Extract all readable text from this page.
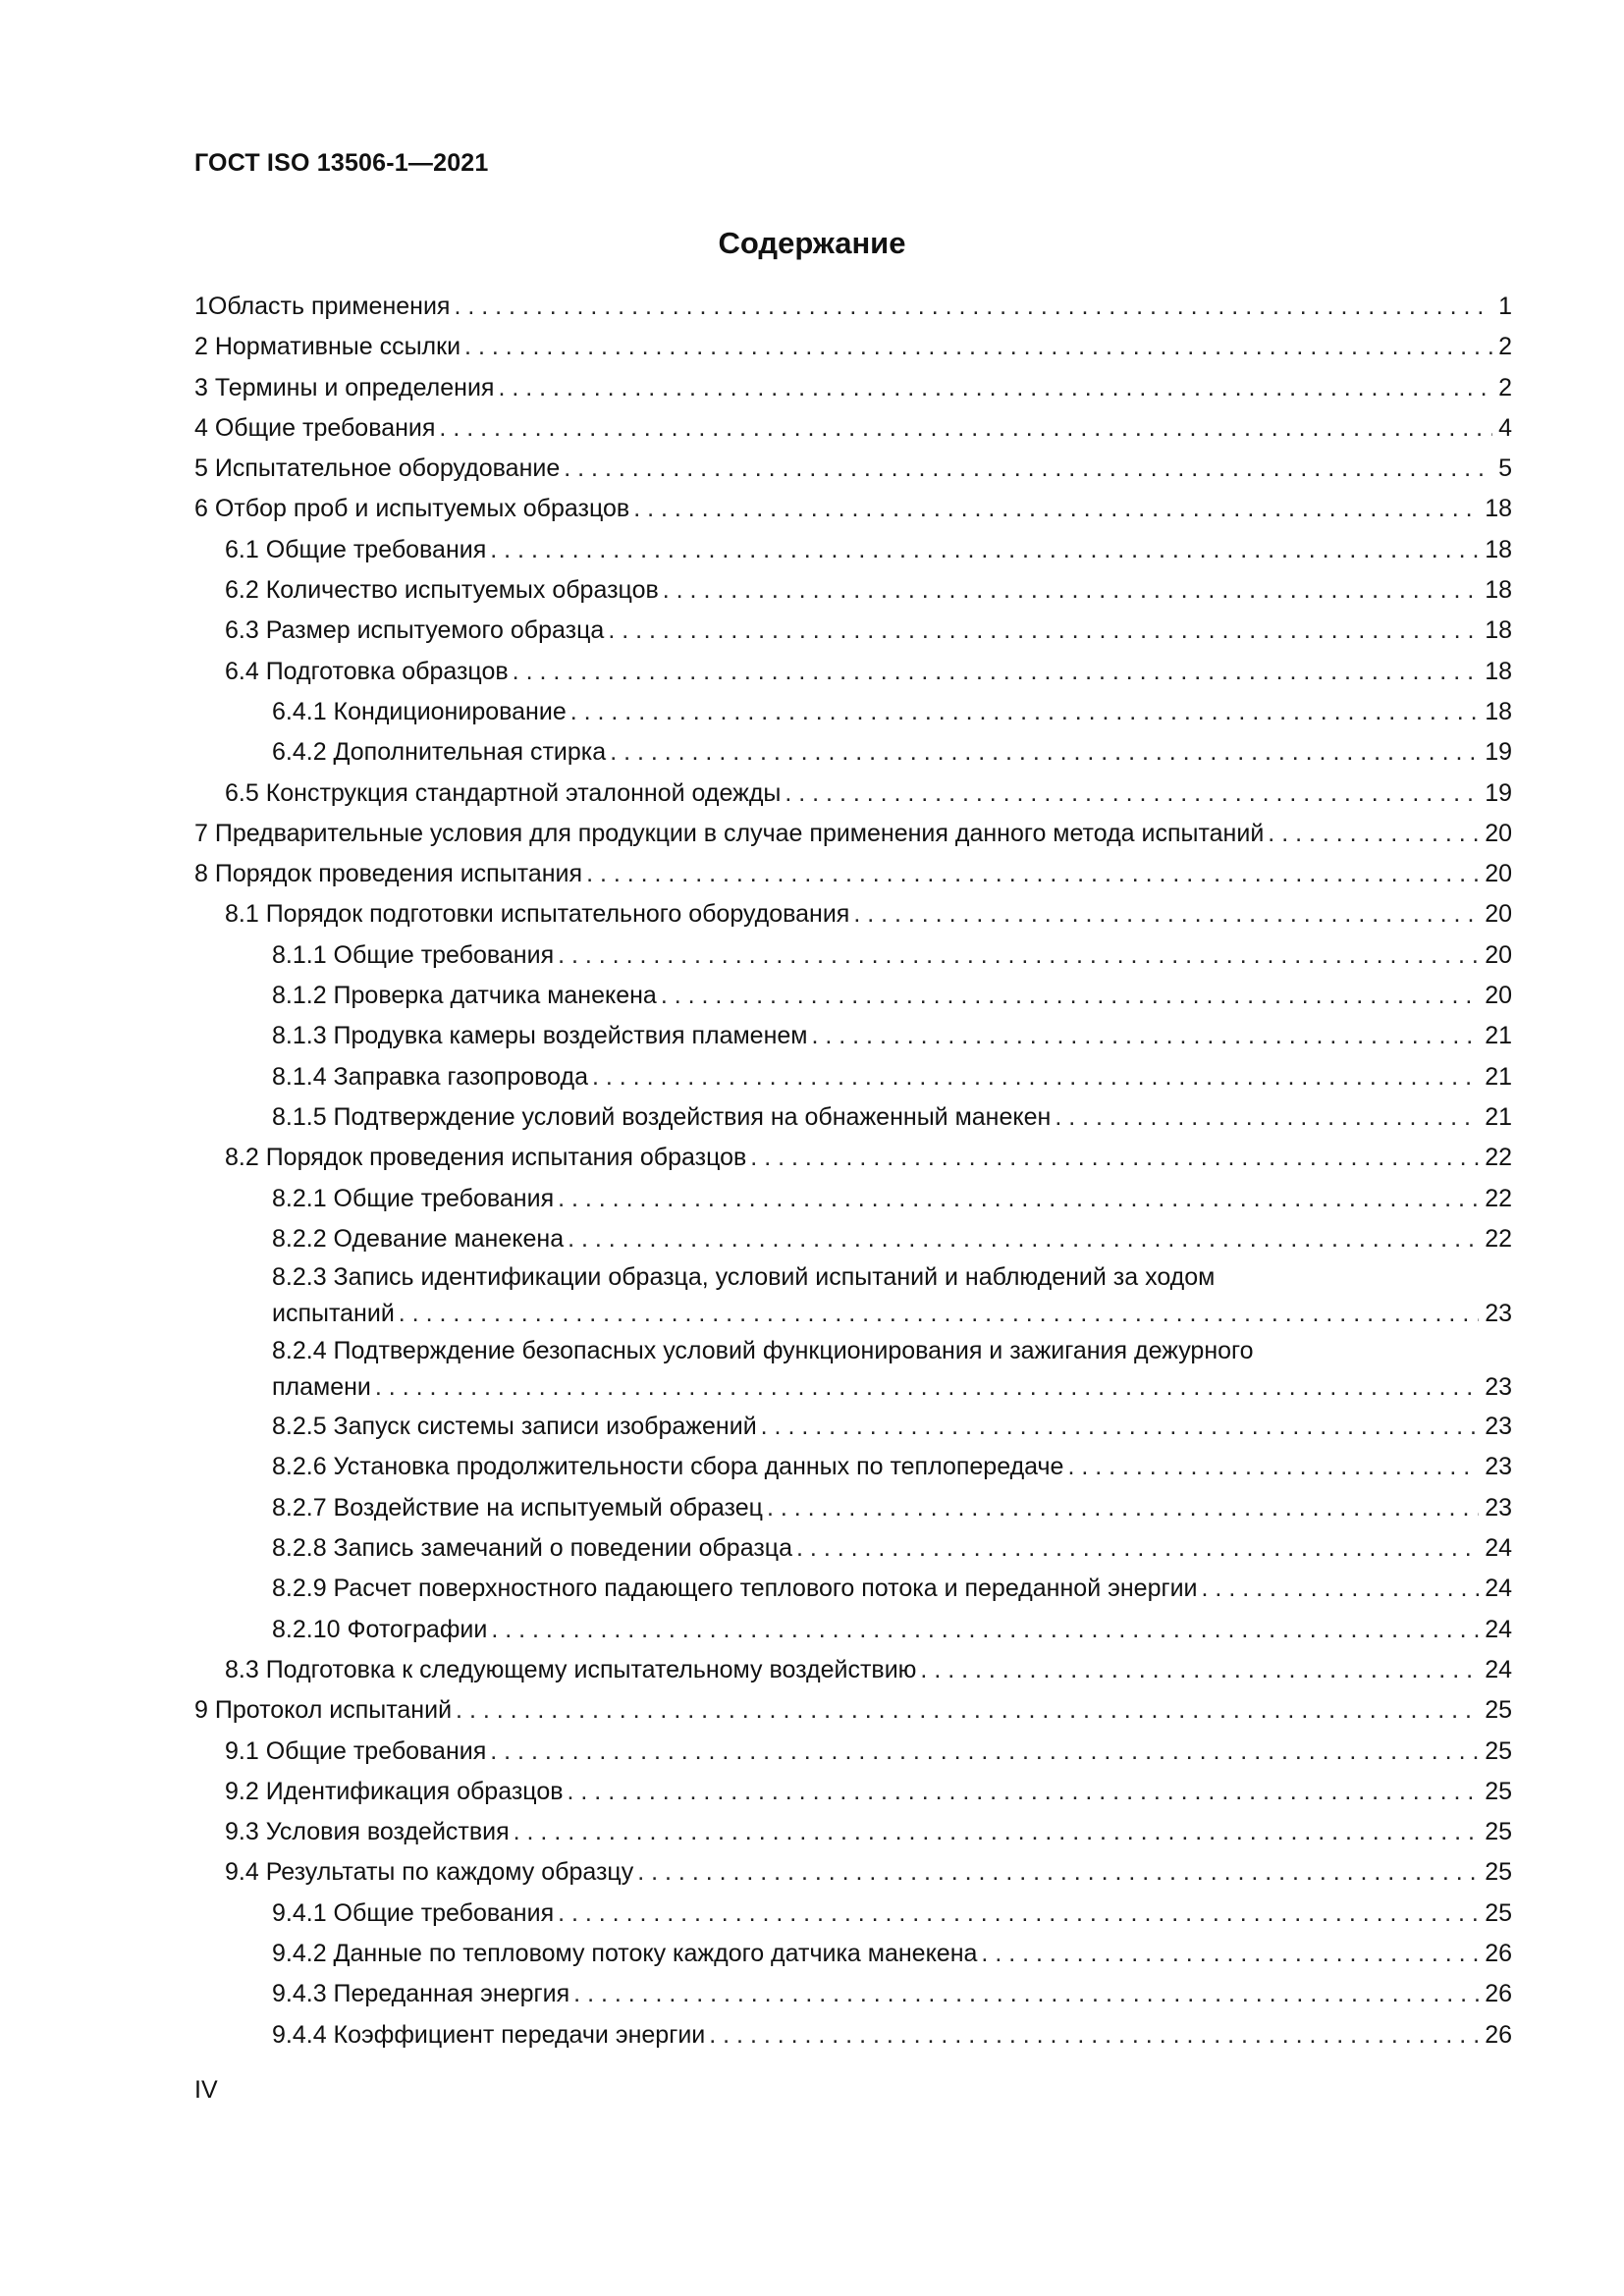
ГОСТ ISO 13506-1—2021
Содержание
1Область применения . . .	1
2 Нормативные ссылки . . .	2
3 Термины и определения . . .	2
4 Общие требования . . .	4
5 Испытательное оборудование . . .	5
6 Отбор проб и испытуемых образцов . . .	18
6.1 Общие требования . . .	18
6.2 Количество испытуемых образцов . . .	18
6.3 Размер испытуемого образца . . .	18
6.4 Подготовка образцов . . .	18
6.4.1 Кондиционирование . . .	18
6.4.2 Дополнительная стирка . . .	19
6.5 Конструкция стандартной эталонной одежды . . .	19
7 Предварительные условия для продукции в случае применения данного метода испытаний . . .	20
8 Порядок проведения испытания . . .	20
8.1 Порядок подготовки испытательного оборудования . . .	20
8.1.1 Общие требования . . .	20
8.1.2 Проверка датчика манекена . . .	20
8.1.3 Продувка камеры воздействия пламенем . . .	21
8.1.4 Заправка газопровода . . .	21
8.1.5 Подтверждение условий воздействия на обнаженный манекен . . .	21
8.2 Порядок проведения испытания образцов . . .	22
8.2.1 Общие требования . . .	22
8.2.2 Одевание манекена . . .	22
8.2.3 Запись идентификации образца, условий испытаний и наблюдений за ходом
испытаний . . .	23
8.2.4 Подтверждение безопасных условий функционирования и зажигания дежурного
пламени . . .	23
8.2.5 Запуск системы записи изображений . . .	23
8.2.6 Установка продолжительности сбора данных по теплопередаче . . .	23
8.2.7 Воздействие на испытуемый образец . . .	23
8.2.8 Запись замечаний о поведении образца . . .	24
8.2.9 Расчет поверхностного падающего теплового потока и переданной энергии . . .	24
8.2.10 Фотографии . . .	24
8.3 Подготовка к следующему испытательному воздействию . . .	24
9 Протокол испытаний . . .	25
9.1 Общие требования . . .	25
9.2 Идентификация образцов . . .	25
9.3 Условия воздействия . . .	25
9.4 Результаты по каждому образцу . . .	25
9.4.1 Общие требования . . .	25
9.4.2 Данные по тепловому потоку каждого датчика манекена . . .	26
9.4.3 Переданная энергия . . .	26
9.4.4 Коэффициент передачи энергии . . .	26
IV
